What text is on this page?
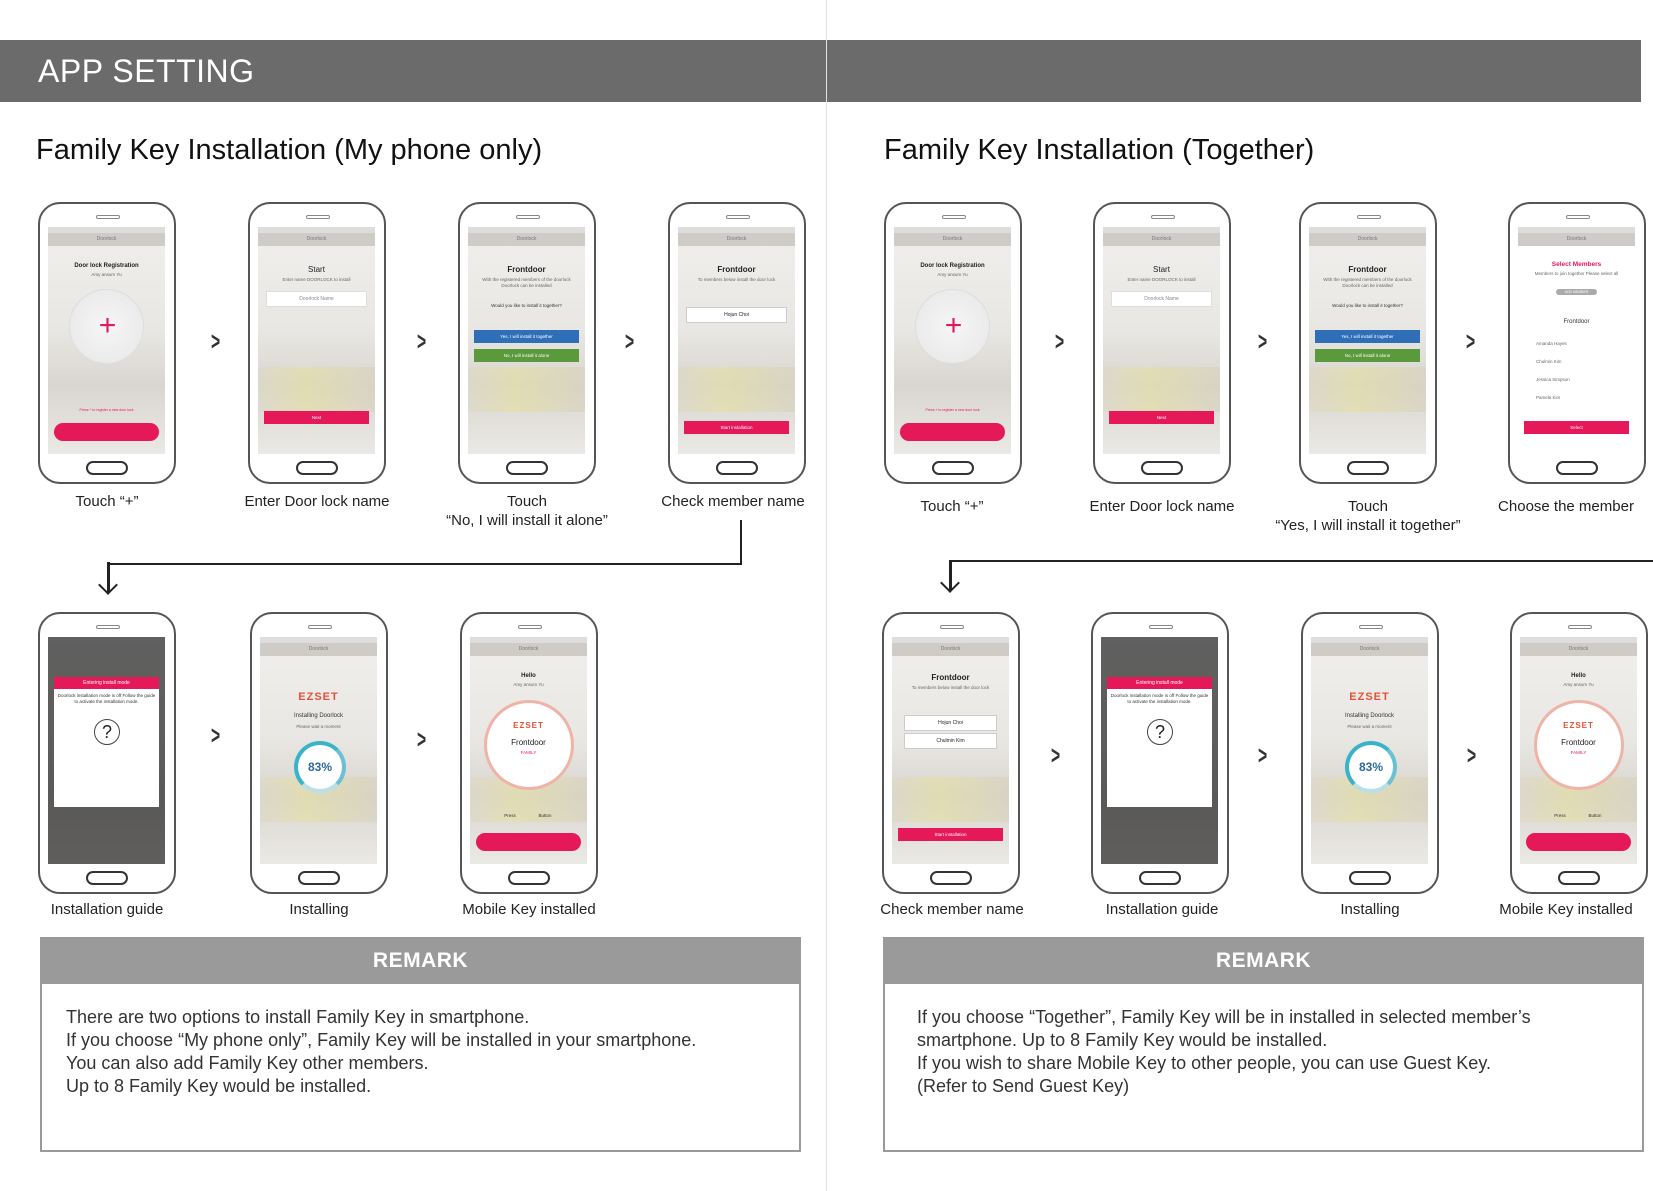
APP SETTING
Family Key Installation (My phone only)
Doorlock
Door lock Registration
Amy ansum Yu
+
Press + to register a new door lock
>
Doorlock
Start
Enter name DOORLOCK to install
Doorlock Name
Next
>
Doorlock
Frontdoor
With the registered members of the doorlock Doorlock can be installed
Would you like to install it together?
Yes, I will install it together
No, I will install it alone	>
Doorlock
Frontdoor
To members below install the door lock
Hojun Choi
Start installation
Touch “+”	Enter Door lock name	Touch
“No, I will install it alone”
Check member name
Entering install mode
Doorlock installation mode is off Follow the guide to activate the installation mode.
?	>
Doorlock
EZSET
Installing Doorlock
Please wait a moment
83%
>
Doorlock
Hello
Amy ansum Yu
EZSET
Frontdoor
FAMILY
Press	Button
Installation guide	Installing	Mobile Key installed
REMARK

There are two options to install Family Key in smartphone.

If you choose “My phone only”, Family Key will be installed in your smartphone.

You can also add Family Key other members.

Up to 8 Family Key would be installed.

Family Key Installation (Together)
Doorlock
Door lock Registration
Amy ansum Yu
+
Press + to register a new door lock
>
Doorlock
Start
Enter name DOORLOCK to install
Doorlock Name
Next
>
Doorlock
Frontdoor
With the registered members of the doorlock Doorlock can be installed
Would you like to install it together?
Yes, I will install it together
No, I will install it alone	>
Doorlock
Select Members
Members to join together Please select all
ADD MEMBER
Frontdoor
Amanda Hayes
Chulmin Kim
Jessica Simpson
Pamela Kim
Select
Touch “+”	Enter Door lock name	Touch
“Yes, I will install it together”
Choose the member
Doorlock
Frontdoor
To members below install the door lock
Hojun Choi
Chulmin Kim
Start installation
>
Entering install mode
Doorlock installation mode is off Follow the guide to activate the installation mode.
?
>
Doorlock
EZSET
Installing Doorlock
Please wait a moment
83%	>
Doorlock
Hello
Amy ansum Yu
EZSET
Frontdoor
FAMILY
Press	Button
Check member name	Installation guide	Installing	Mobile Key installed
REMARK

If you choose “Together”, Family Key will be in installed in selected member’s

smartphone. Up to 8 Family Key would be installed.

If you wish to share Mobile Key to other people, you can use Guest Key.

(Refer to Send Guest Key)
